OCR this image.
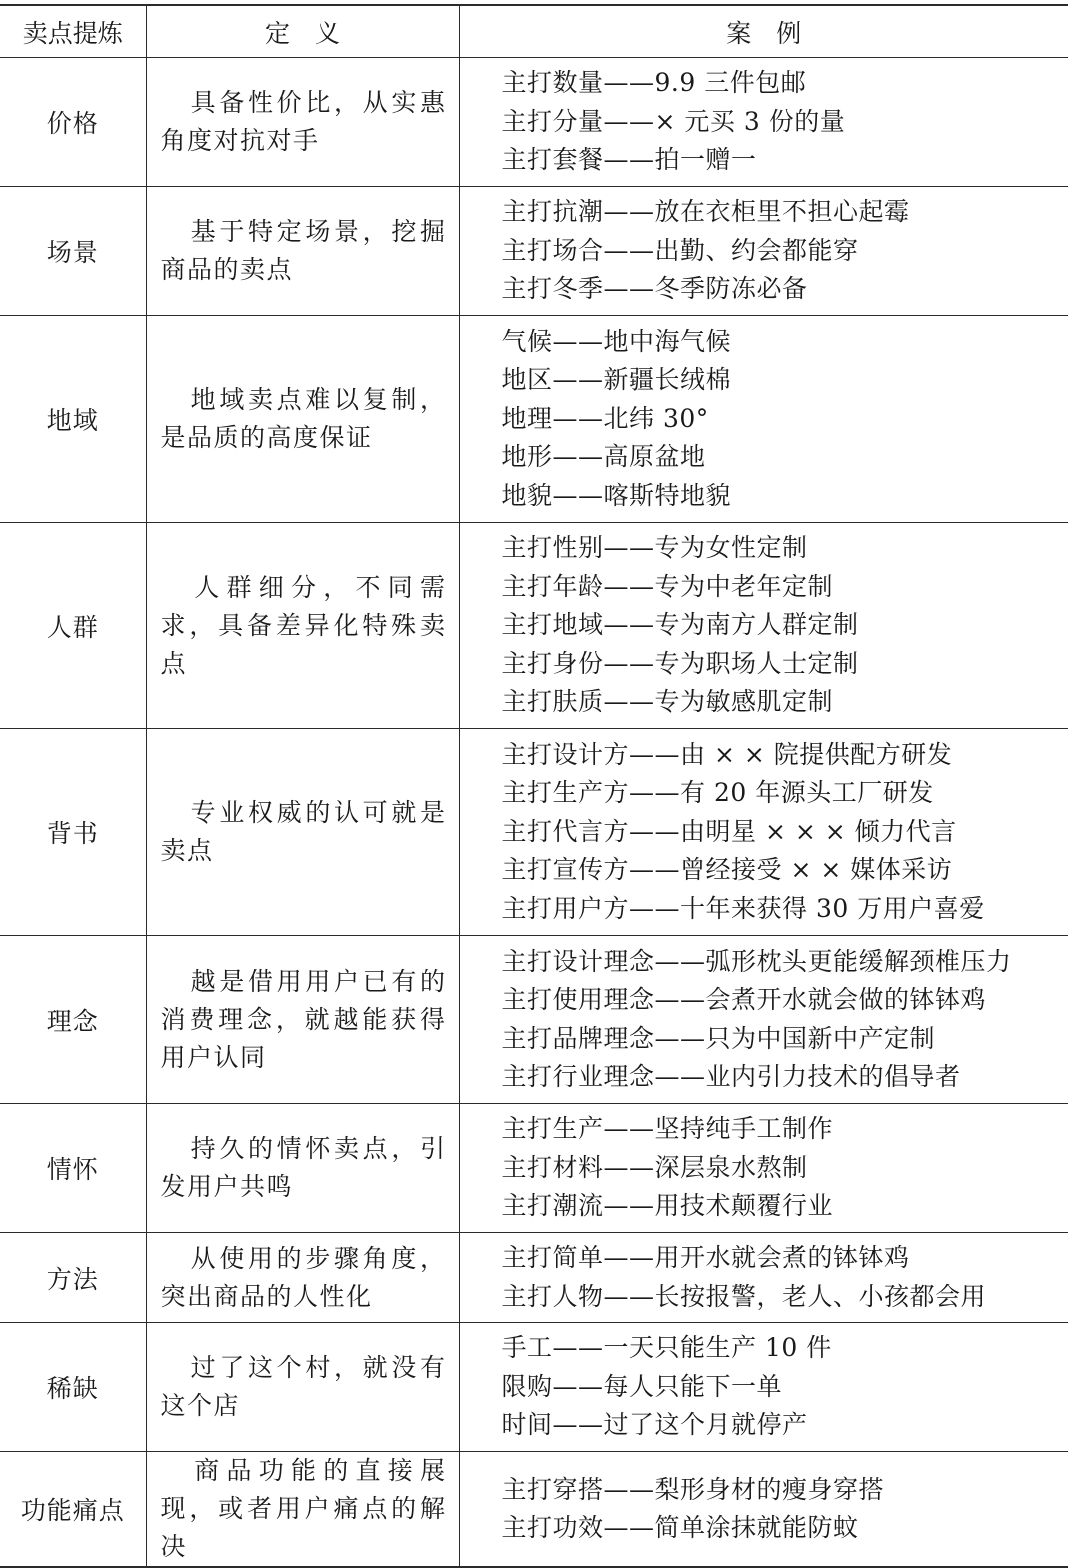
卖点提炼	定　义	案　例
价格	具备性价比，从实惠角度对抗对手	主打数量——9.9 三件包邮
主打分量——× 元买 3 份的量
主打套餐——拍一赠一

场景	基于特定场景，挖掘商品的卖点	主打抗潮——放在衣柜里不担心起霉
主打场合——出勤、约会都能穿
主打冬季——冬季防冻必备

地域	地域卖点难以复制，是品质的高度保证	气候——地中海气候
地区——新疆长绒棉
地理——北纬 30°
地形——高原盆地
地貌——喀斯特地貌

人群	人群细分，不同需求，具备差异化特殊卖点	主打性别——专为女性定制
主打年龄——专为中老年定制
主打地域——专为南方人群定制
主打身份——专为职场人士定制
主打肤质——专为敏感肌定制

背书	专业权威的认可就是卖点	主打设计方——由 × × 院提供配方研发
主打生产方——有 20 年源头工厂研发
主打代言方——由明星 × × × 倾力代言
主打宣传方——曾经接受 × × 媒体采访
主打用户方——十年来获得 30 万用户喜爱

理念	越是借用用户已有的消费理念，就越能获得用户认同	主打设计理念——弧形枕头更能缓解颈椎压力
主打使用理念——会煮开水就会做的钵钵鸡
主打品牌理念——只为中国新中产定制
主打行业理念——业内引力技术的倡导者

情怀	持久的情怀卖点，引发用户共鸣	主打生产——坚持纯手工制作
主打材料——深层泉水熬制
主打潮流——用技术颠覆行业

方法	从使用的步骤角度，突出商品的人性化	主打简单——用开水就会煮的钵钵鸡
主打人物——长按报警，老人、小孩都会用

稀缺	过了这个村，就没有这个店	手工——一天只能生产 10 件
限购——每人只能下一单
时间——过了这个月就停产

功能痛点	商品功能的直接展现，或者用户痛点的解决	主打穿搭——梨形身材的瘦身穿搭
主打功效——简单涂抹就能防蚊
